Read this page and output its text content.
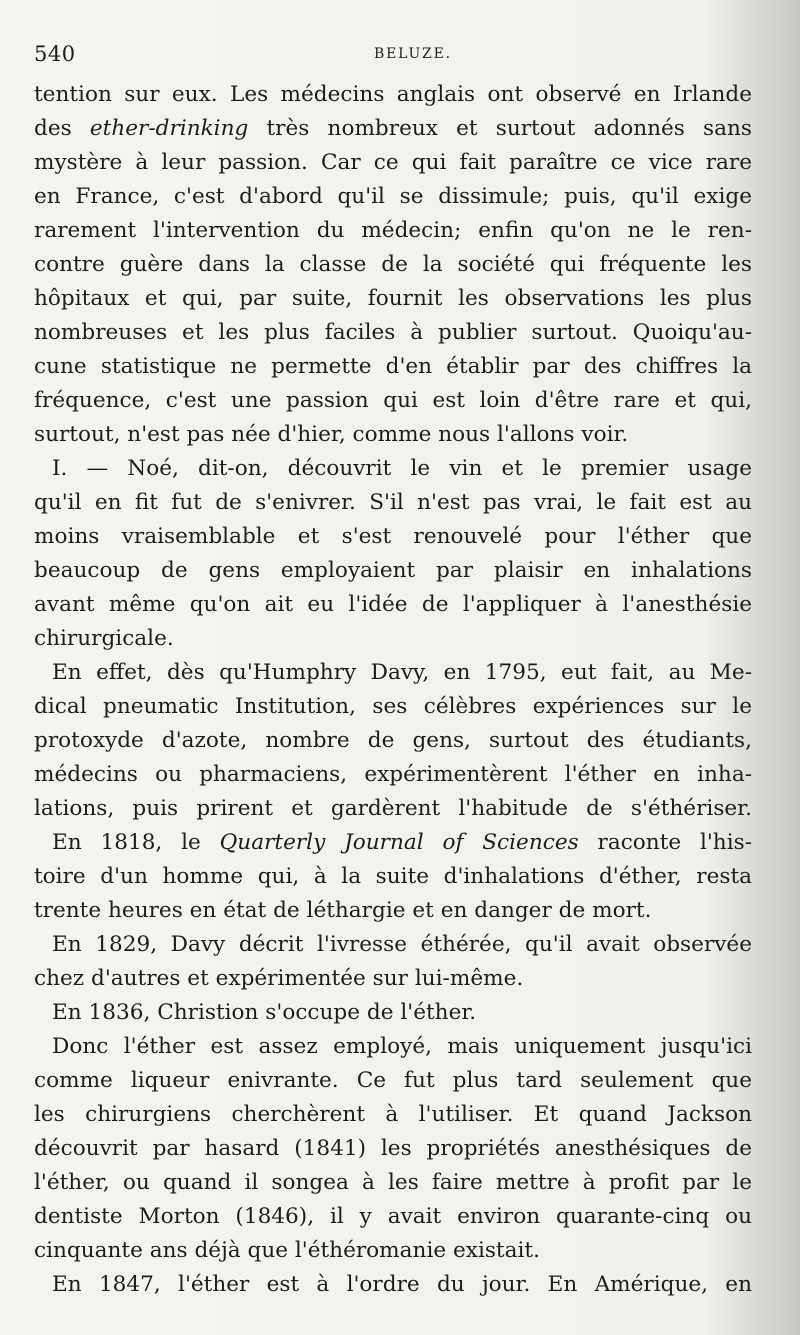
540	BELUZE.
tention sur eux. Les médecins anglais ont observé en Irlande
des ether-drinking très nombreux et surtout adonnés sans
mystère à leur passion. Car ce qui fait paraître ce vice rare
en France, c'est d'abord qu'il se dissimule; puis, qu'il exige
rarement l'intervention du médecin; enfin qu'on ne le ren-
contre guère dans la classe de la société qui fréquente les
hôpitaux et qui, par suite, fournit les observations les plus
nombreuses et les plus faciles à publier surtout. Quoiqu'au-
cune statistique ne permette d'en établir par des chiffres la
fréquence, c'est une passion qui est loin d'être rare et qui,
surtout, n'est pas née d'hier, comme nous l'allons voir.
I. — Noé, dit-on, découvrit le vin et le premier usage
qu'il en fit fut de s'enivrer. S'il n'est pas vrai, le fait est au
moins vraisemblable et s'est renouvelé pour l'éther que
beaucoup de gens employaient par plaisir en inhalations
avant même qu'on ait eu l'idée de l'appliquer à l'anesthésie
chirurgicale.
En effet, dès qu'Humphry Davy, en 1795, eut fait, au Me-
dical pneumatic Institution, ses célèbres expériences sur le
protoxyde d'azote, nombre de gens, surtout des étudiants,
médecins ou pharmaciens, expérimentèrent l'éther en inha-
lations, puis prirent et gardèrent l'habitude de s'éthériser.
En 1818, le Quarterly Journal of Sciences raconte l'his-
toire d'un homme qui, à la suite d'inhalations d'éther, resta
trente heures en état de léthargie et en danger de mort.
En 1829, Davy décrit l'ivresse éthérée, qu'il avait observée
chez d'autres et expérimentée sur lui-même.
En 1836, Christion s'occupe de l'éther.
Donc l'éther est assez employé, mais uniquement jusqu'ici
comme liqueur enivrante. Ce fut plus tard seulement que
les chirurgiens cherchèrent à l'utiliser. Et quand Jackson
découvrit par hasard (1841) les propriétés anesthésiques de
l'éther, ou quand il songea à les faire mettre à profit par le
dentiste Morton (1846), il y avait environ quarante-cinq ou
cinquante ans déjà que l'éthéromanie existait.
En 1847, l'éther est à l'ordre du jour. En Amérique, en
